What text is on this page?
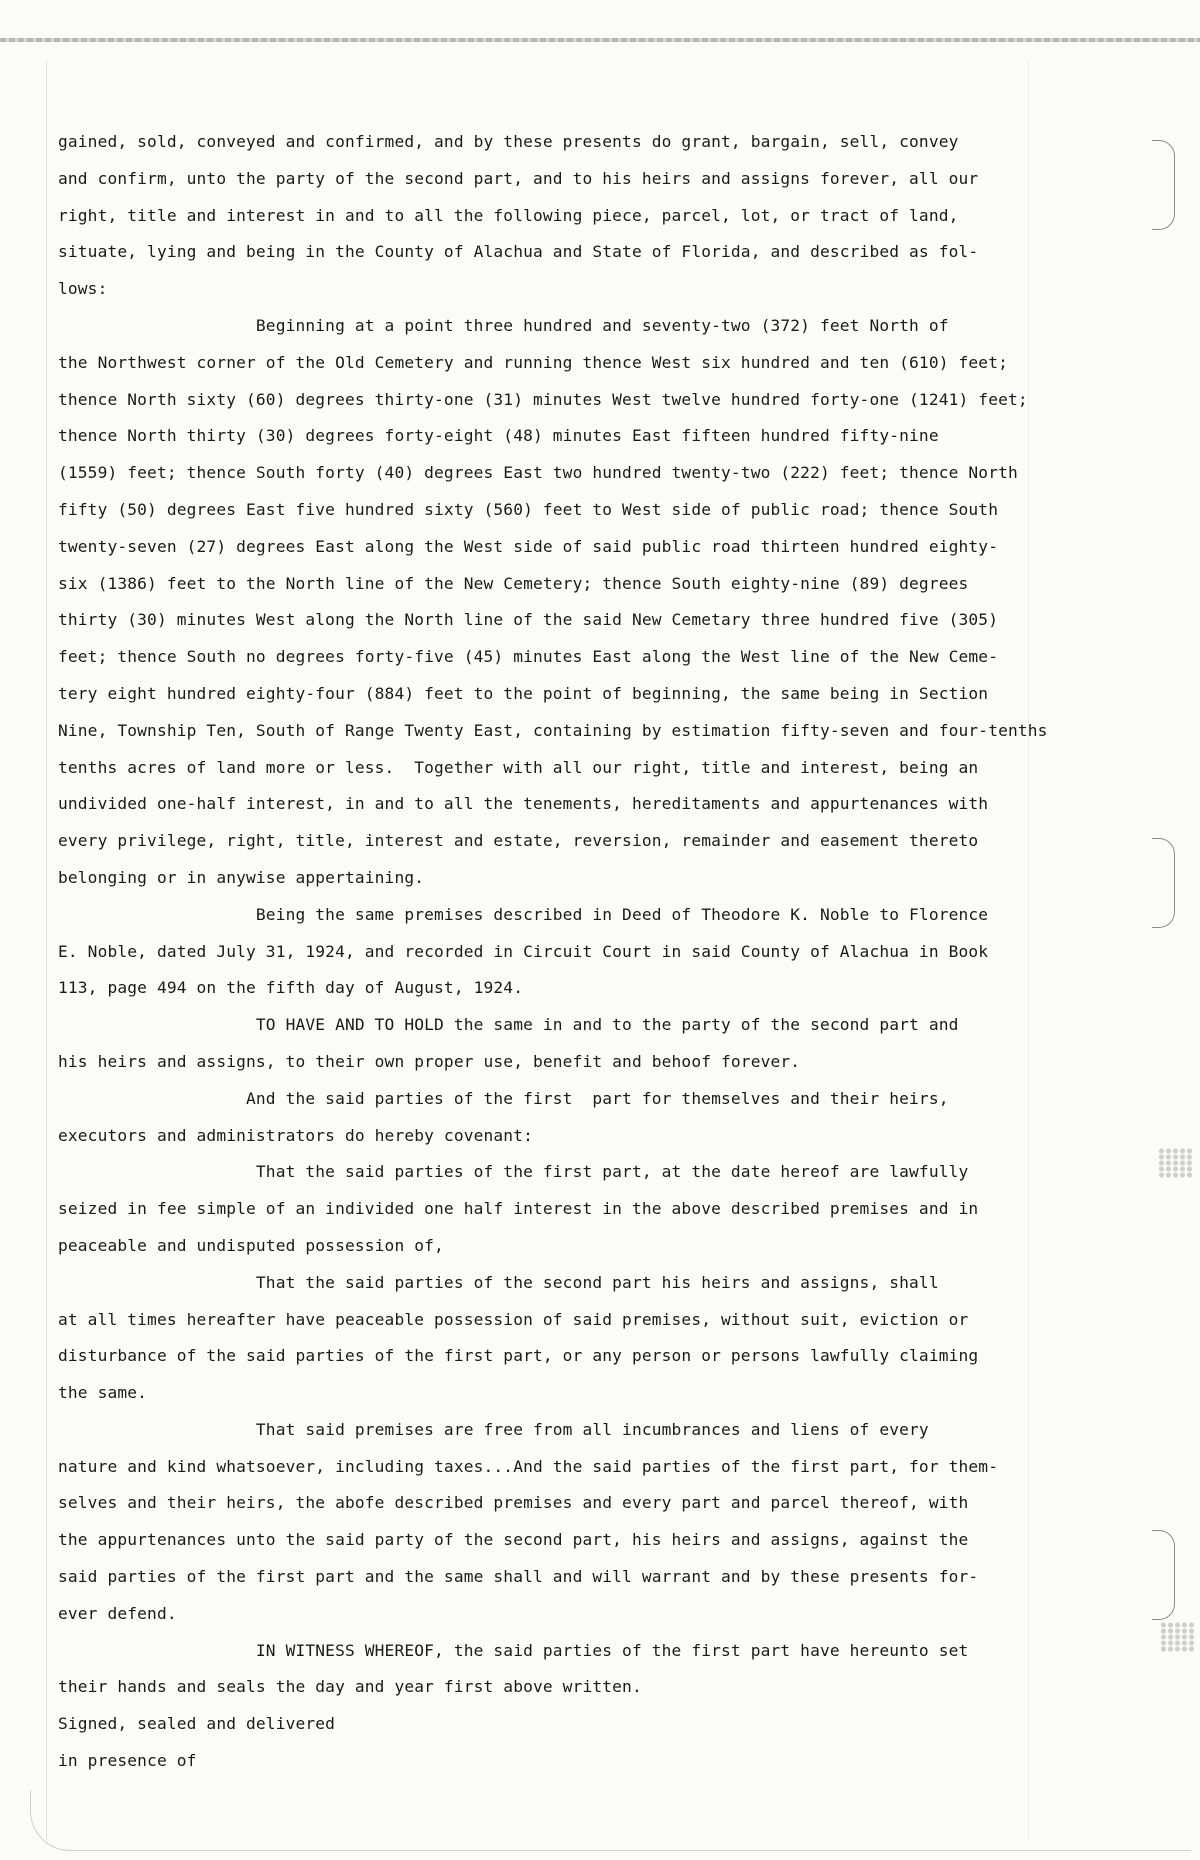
gained, sold, conveyed and confirmed, and by these presents do grant, bargain, sell, convey
and confirm, unto the party of the second part, and to his heirs and assigns forever, all our
right, title and interest in and to all the following piece, parcel, lot, or tract of land,
situate, lying and being in the County of Alachua and State of Florida, and described as fol-
lows:
Beginning at a point three hundred and seventy-two (372) feet North of
the Northwest corner of the Old Cemetery and running thence West six hundred and ten (610) feet;
thence North sixty (60) degrees thirty-one (31) minutes West twelve hundred forty-one (1241) feet;
thence North thirty (30) degrees forty-eight (48) minutes East fifteen hundred fifty-nine
(1559) feet; thence South forty (40) degrees East two hundred twenty-two (222) feet; thence North
fifty (50) degrees East five hundred sixty (560) feet to West side of public road; thence South
twenty-seven (27) degrees East along the West side of said public road thirteen hundred eighty-
six (1386) feet to the North line of the New Cemetery; thence South eighty-nine (89) degrees
thirty (30) minutes West along the North line of the said New Cemetary three hundred five (305)
feet; thence South no degrees forty-five (45) minutes East along the West line of the New Ceme-
tery eight hundred eighty-four (884) feet to the point of beginning, the same being in Section
Nine, Township Ten, South of Range Twenty East, containing by estimation fifty-seven and four-tenths
tenths acres of land more or less.  Together with all our right, title and interest, being an
undivided one-half interest, in and to all the tenements, hereditaments and appurtenances with
every privilege, right, title, interest and estate, reversion, remainder and easement thereto
belonging or in anywise appertaining.
Being the same premises described in Deed of Theodore K. Noble to Florence
E. Noble, dated July 31, 1924, and recorded in Circuit Court in said County of Alachua in Book
113, page 494 on the fifth day of August, 1924.
TO HAVE AND TO HOLD the same in and to the party of the second part and
his heirs and assigns, to their own proper use, benefit and behoof forever.
And the said parties of the first  part for themselves and their heirs,
executors and administrators do hereby covenant:
That the said parties of the first part, at the date hereof are lawfully
seized in fee simple of an individed one half interest in the above described premises and in
peaceable and undisputed possession of,
That the said parties of the second part his heirs and assigns, shall
at all times hereafter have peaceable possession of said premises, without suit, eviction or
disturbance of the said parties of the first part, or any person or persons lawfully claiming
the same.
That said premises are free from all incumbrances and liens of every
nature and kind whatsoever, including taxes...And the said parties of the first part, for them-
selves and their heirs, the abofe described premises and every part and parcel thereof, with
the appurtenances unto the said party of the second part, his heirs and assigns, against the
said parties of the first part and the same shall and will warrant and by these presents for-
ever defend.
IN WITNESS WHEREOF, the said parties of the first part have hereunto set
their hands and seals the day and year first above written.
Signed, sealed and delivered
in presence of
